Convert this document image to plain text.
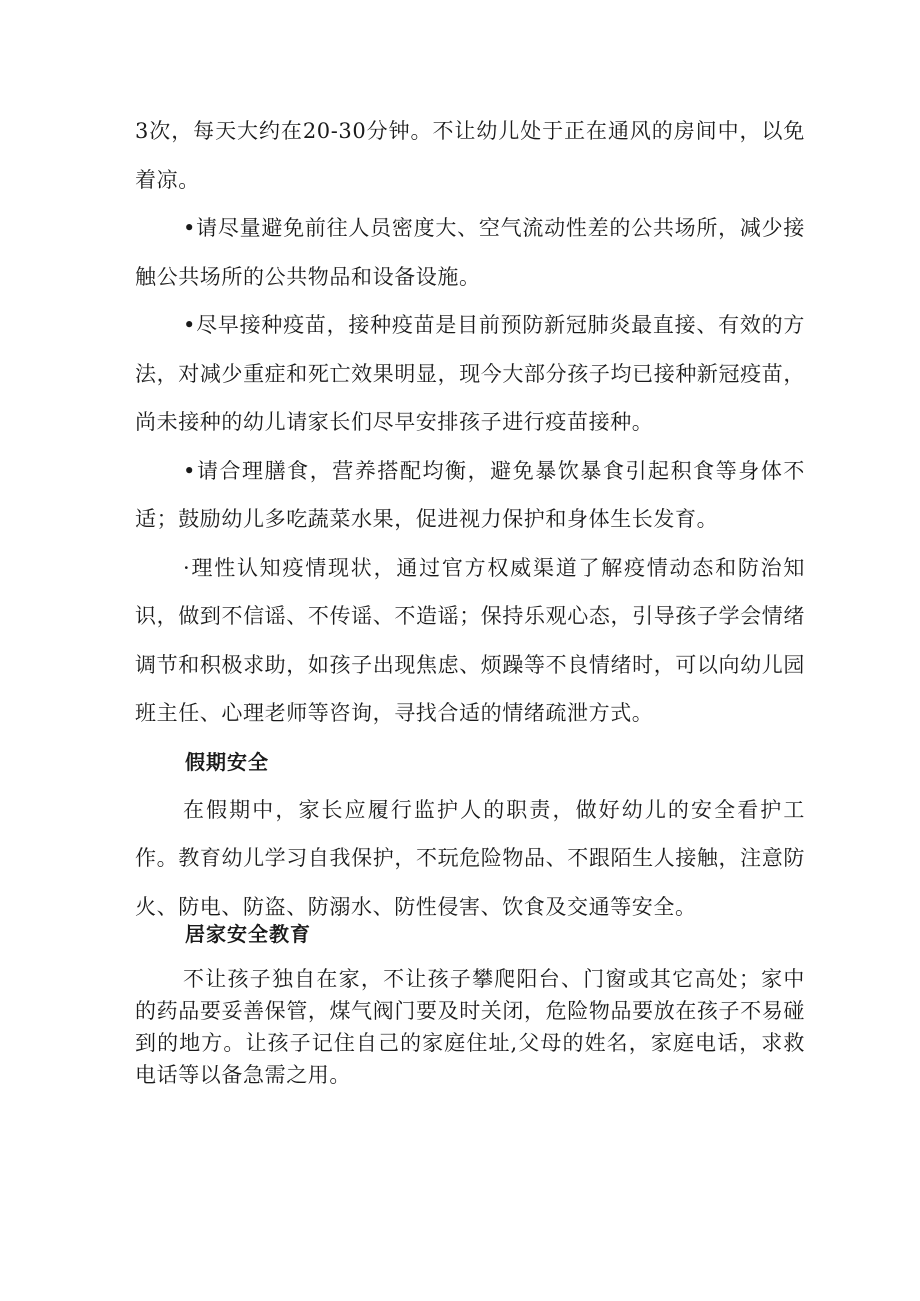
3次，每天大约在20-30分钟。不让幼儿处于正在通风的房间中，以免着凉。

•请尽量避免前往人员密度大、空气流动性差的公共场所，减少接触公共场所的公共物品和设备设施。

•尽早接种疫苗，接种疫苗是目前预防新冠肺炎最直接、有效的方法，对减少重症和死亡效果明显，现今大部分孩子均已接种新冠疫苗，尚未接种的幼儿请家长们尽早安排孩子进行疫苗接种。

•请合理膳食，营养搭配均衡，避免暴饮暴食引起积食等身体不适；鼓励幼儿多吃蔬菜水果，促进视力保护和身体生长发育。

·理性认知疫情现状，通过官方权威渠道了解疫情动态和防治知识，做到不信谣、不传谣、不造谣；保持乐观心态，引导孩子学会情绪调节和积极求助，如孩子出现焦虑、烦躁等不良情绪时，可以向幼儿园班主任、心理老师等咨询，寻找合适的情绪疏泄方式。

假期安全

在假期中，家长应履行监护人的职责，做好幼儿的安全看护工作。教育幼儿学习自我保护，不玩危险物品、不跟陌生人接触，注意防火、防电、防盗、防溺水、防性侵害、饮食及交通等安全。

居家安全教育

不让孩子独自在家，不让孩子攀爬阳台、门窗或其它高处；家中的药品要妥善保管，煤气阀门要及时关闭，危险物品要放在孩子不易碰到的地方。让孩子记住自己的家庭住址,父母的姓名，家庭电话，求救电话等以备急需之用。
